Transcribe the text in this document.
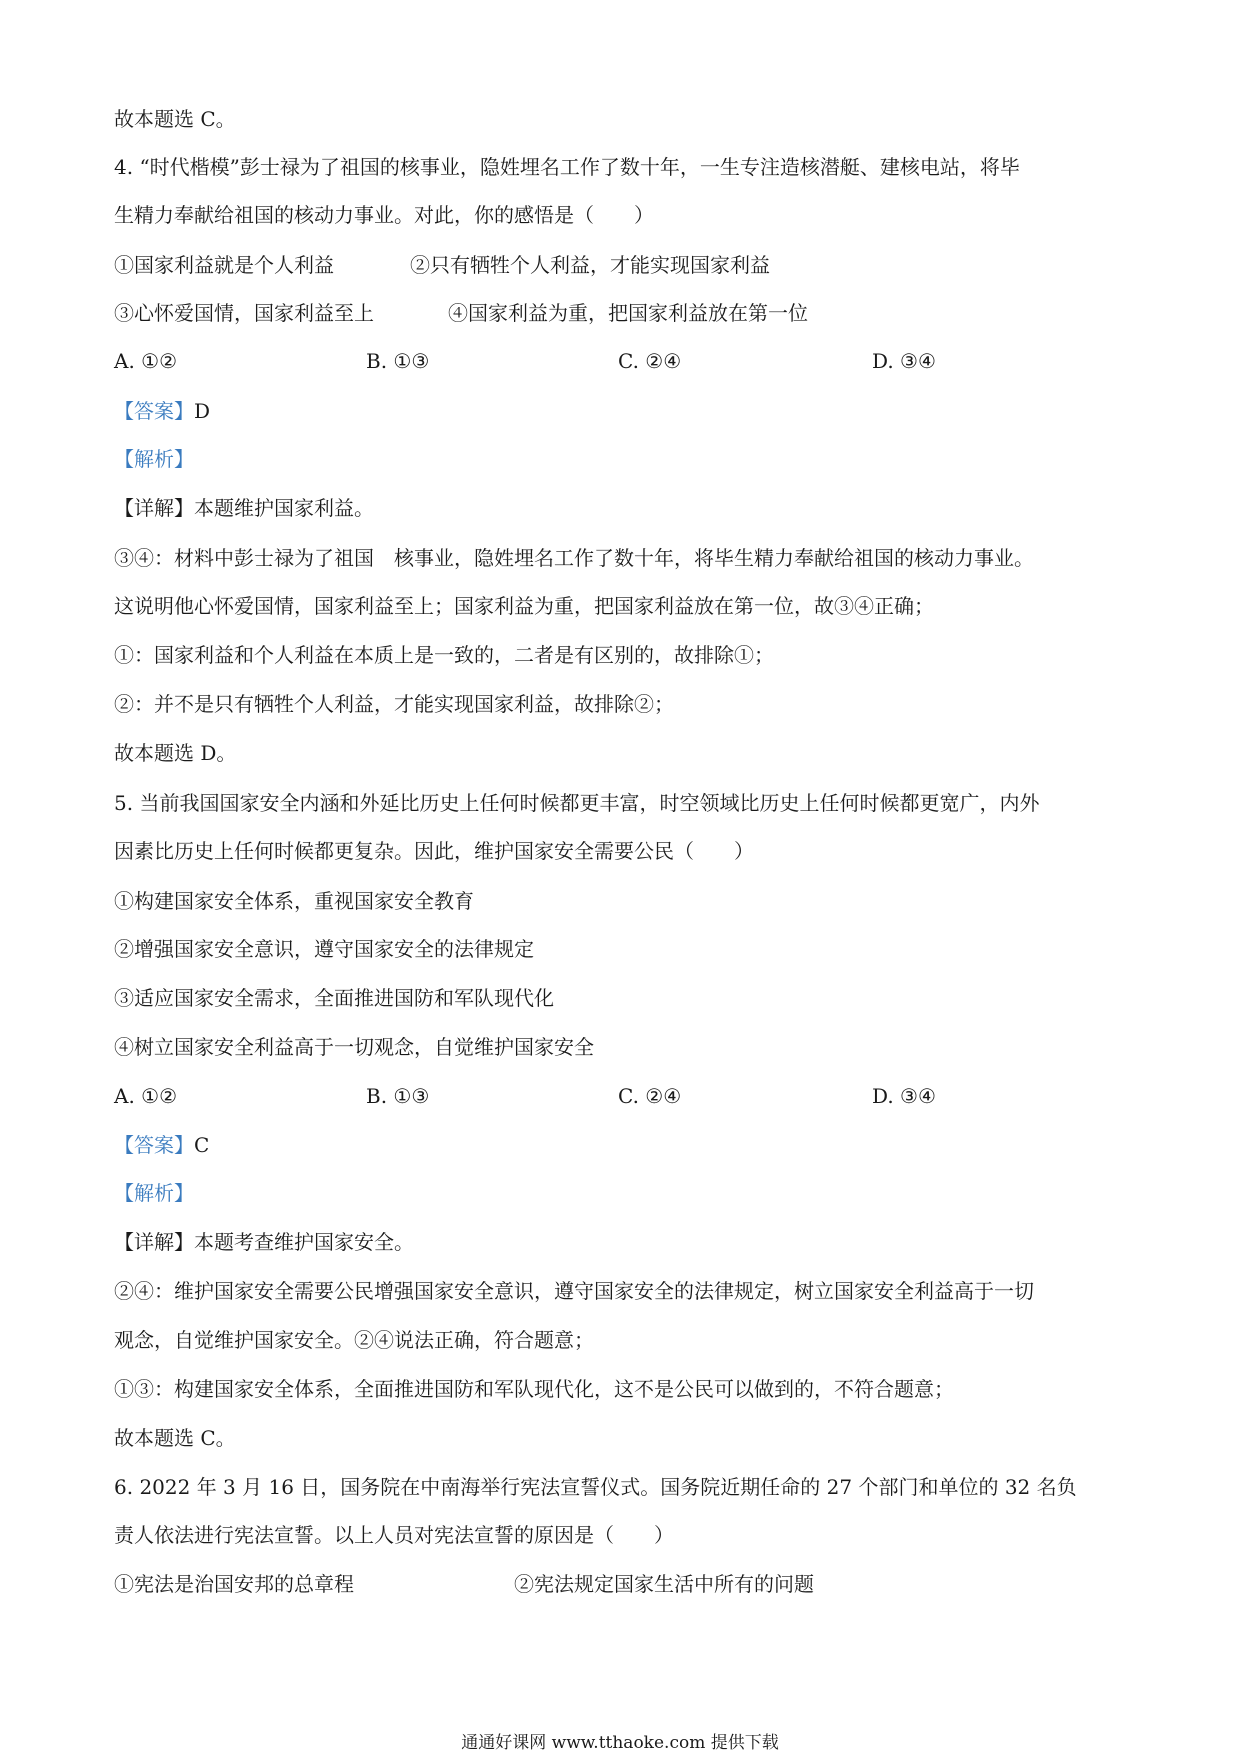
故本题选 C。
4. “时代楷模”彭士禄为了祖国的核事业，隐姓埋名工作了数十年，一生专注造核潜艇、建核电站，将毕
生精力奉献给祖国的核动力事业。对此，你的感悟是（　　）
①国家利益就是个人利益	②只有牺牲个人利益，才能实现国家利益
③心怀爱国情，国家利益至上	④国家利益为重，把国家利益放在第一位
A. ①②	B. ①③	C. ②④	D. ③④
【答案】D
【解析】
【详解】本题维护国家利益。
③④：材料中彭士禄为了祖国　核事业，隐姓埋名工作了数十年，将毕生精力奉献给祖国的核动力事业。
这说明他心怀爱国情，国家利益至上；国家利益为重，把国家利益放在第一位，故③④正确；
①：国家利益和个人利益在本质上是一致的，二者是有区别的，故排除①；
②：并不是只有牺牲个人利益，才能实现国家利益，故排除②；
故本题选 D。
5. 当前我国国家安全内涵和外延比历史上任何时候都更丰富，时空领域比历史上任何时候都更宽广，内外
因素比历史上任何时候都更复杂。因此，维护国家安全需要公民（　　）
①构建国家安全体系，重视国家安全教育
②增强国家安全意识，遵守国家安全的法律规定
③适应国家安全需求，全面推进国防和军队现代化
④树立国家安全利益高于一切观念，自觉维护国家安全
A. ①②	B. ①③	C. ②④	D. ③④
【答案】C
【解析】
【详解】本题考查维护国家安全。
②④：维护国家安全需要公民增强国家安全意识，遵守国家安全的法律规定，树立国家安全利益高于一切
观念，自觉维护国家安全。②④说法正确，符合题意；
①③：构建国家安全体系，全面推进国防和军队现代化，这不是公民可以做到的，不符合题意；
故本题选 C。
6. 2022 年 3 月 16 日，国务院在中南海举行宪法宣誓仪式。国务院近期任命的 27 个部门和单位的 32 名负
责人依法进行宪法宣誓。以上人员对宪法宣誓的原因是（　　）
①宪法是治国安邦的总章程	②宪法规定国家生活中所有的问题
通通好课网 www.tthaoke.com 提供下载
